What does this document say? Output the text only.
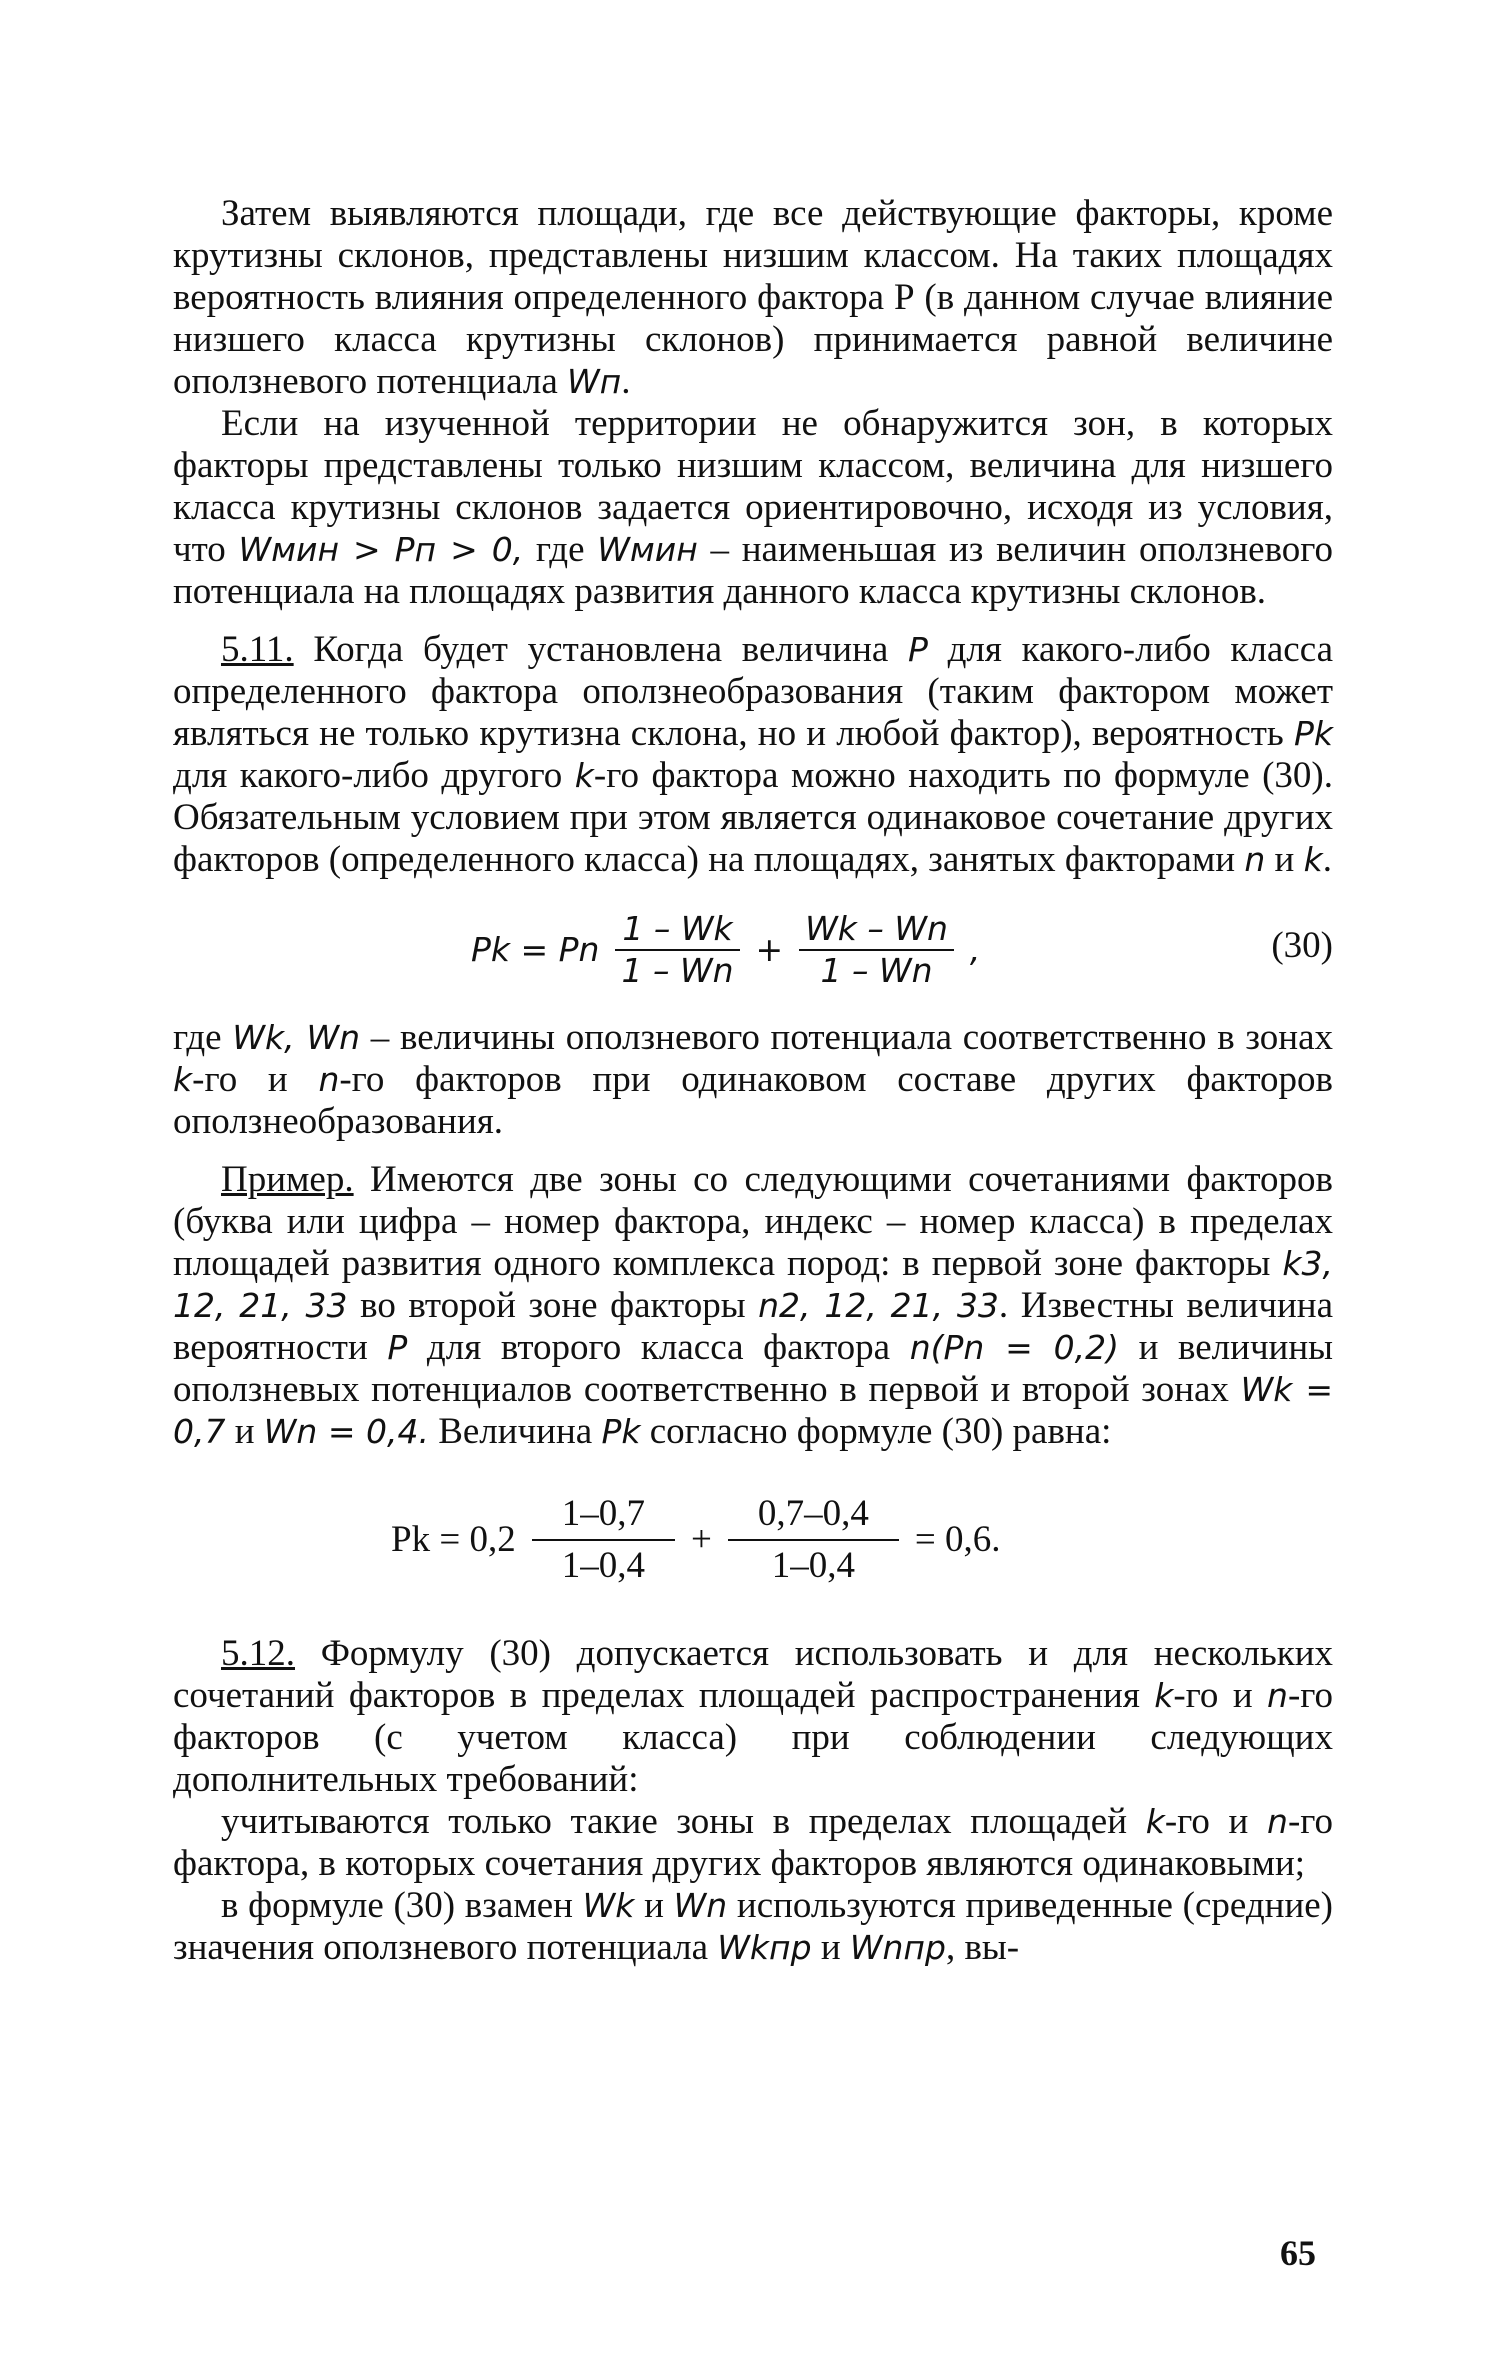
Затем выявляются площади, где все действующие факторы, кроме крутизны склонов, представлены низшим классом. На таких площадях вероятность влияния определенного фактора Р (в данном случае влияние низшего класса крутизны склонов) принимается равной величине оползневого потенциала Wп.

Если на изученной территории не обнаружится зон, в которых факторы представлены только низшим классом, величина для низшего класса крутизны склонов задается ориентировочно, исходя из условия, что Wмин > Рп > 0, где Wмин – наименьшая из величин оползневого потенциала на площадях развития данного класса крутизны склонов.

5.11. Когда будет установлена величина Р для какого-либо класса определенного фактора оползнеобразования (таким фактором может являться не только крутизна склона, но и любой фактор), вероятность Рk для какого-либо другого k-го фактора можно находить по формуле (30). Обязательным условием при этом является одинаковое сочетание других факторов (определенного класса) на площадях, занятых факторами n и k.

Рk = Рn $\frac{1 - Wk}{1 - Wn} + \frac{Wk - Wn}{1 - Wn}$ ,	(30)

где Wk, Wn – величины оползневого потенциала соответственно в зонах k-го и n-го факторов при одинаковом составе других факторов оползнеобразования.

Пример. Имеются две зоны со следующими сочетаниями факторов (буква или цифра – номер фактора, индекс – номер класса) в пределах площадей развития одного комплекса пород: в первой зоне факторы k3, 12, 21, 33 во второй зоне факторы n2, 12, 21, 33. Известны величина вероятности Р для второго класса фактора n(Рn = 0,2) и величины оползневых потенциалов соответственно в первой и второй зонах Wk = 0,7 и Wn = 0,4. Величина Рk согласно формуле (30) равна:

Рk = $0,2 \frac{1-0,7}{1-0,4} + \frac{0,7-0,4}{1-0,4} = 0,6$.

5.12. Формулу (30) допускается использовать и для нескольких сочетаний факторов в пределах площадей распространения k-го и n-го факторов (с учетом класса) при соблюдении следующих дополнительных требований:

учитываются только такие зоны в пределах площадей k-го и n-го фактора, в которых сочетания других факторов являются одинаковыми;

в формуле (30) взамен Wk и Wn используются приведенные (средние) значения оползневого потенциала Wkпр и Wnпр, вы-

65
